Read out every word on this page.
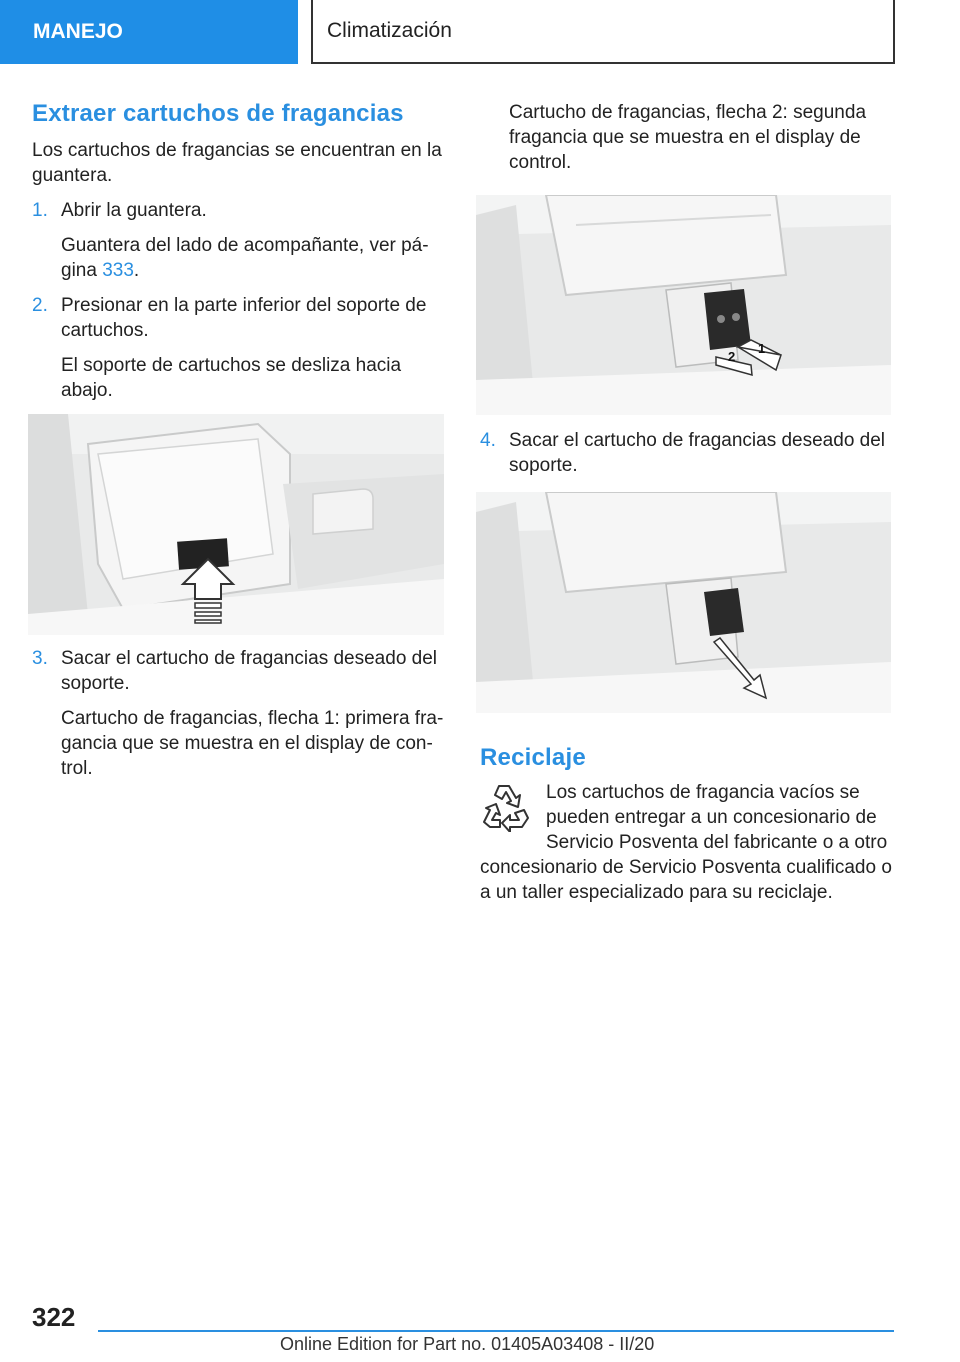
MANEJO	Climatización
Extraer cartuchos de fragancias

Los cartuchos de fragancias se encuentran en la guantera.

1. Abrir la guantera.

Guantera del lado de acompañante, ver pá‐gina 333.

2. Presionar en la parte inferior del soporte de cartuchos.

El soporte de cartuchos se desliza hacia abajo.

3. Sacar el cartucho de fragancias deseado del soporte.

Cartucho de fragancias, flecha 1: primera fra‐gancia que se muestra en el display de con‐trol.

Cartucho de fragancias, flecha 2: segunda fragancia que se muestra en el display de control.

2
1
4. Sacar el cartucho de fragancias deseado del soporte.

Reciclaje

Los cartuchos de fragancia vacíos se pueden entregar a un concesionario de Servicio Posventa del fabricante o a otro concesionario de Servicio Posventa cualificado o a un taller especializado para su reciclaje.

322
Online Edition for Part no. 01405A03408 - II/20
